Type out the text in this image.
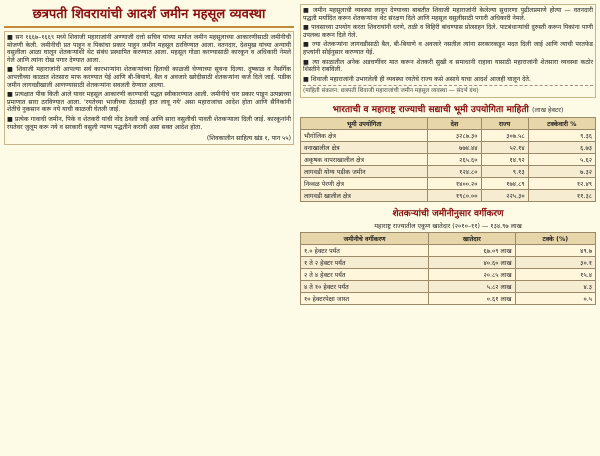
छत्रपती शिवरायांची आदर्श जमीन महसूल व्यवस्था

■ सन १६६७–१६६९ मध्ये शिवाजी महाराजांनी अण्णाजी दत्तो सचिव यांच्या मार्फत जमीन महसूलाच्या आकारणीसाठी जमीनीची मोजणी केली. जमीनीची प्रत पाहून व पिकांचा प्रकार पाहून जमीन महसूल ठरविण्यात आला. वतनदार, देशमुख यांच्या अन्यायी वसुलीला आळा घालून शेतकऱ्यांशी थेट संबंध प्रस्थापित करण्यात आला. महसूल गोळा करण्यासाठी कारकून व अधिकारी नेमले गेले आणि त्यांना रोख पगार देण्यात आला.

■ शिवाजी महाराजांनी आपल्या सर्व कारभाऱ्यांना शेतकऱ्यांच्या हिताची काळजी घेण्याच्या सूचना दिल्या. दुष्काळ व नैसर्गिक आपत्तीच्या काळात शेतसारा माफ करण्यात येई आणि बी-बियाणे, बैल व अवजारे खरेदीसाठी शेतकऱ्यांना कर्ज दिले जाई. पडीक जमीन लागवडीखाली आणण्यासाठी शेतकऱ्यांना सवलती देण्यात आल्या.

■ प्रत्यक्षात पीक किती आले यावर महसूल आकारणी करण्याची पद्धत स्वीकारण्यात आली. जमीनीचे चार प्रकार पाडून उत्पन्नाच्या प्रमाणात सारा ठरविण्यात आला. 'रयतेच्या भाजीच्या देठासही हात लावू नये' असा महाराजांचा आदेश होता आणि सैनिकांनी शेतीचे नुकसान करू नये याची काळजी घेतली जाई.

■ प्रत्येक गावाची जमीन, पिके व शेतकरी यांची नोंद ठेवली जाई आणि सारा वसुलीची पावती शेतकऱ्याला दिली जाई. कारकूनांनी रयतेवर जुलूम करू नये व सरकारी वसुली न्याय्य पद्धतीने करावी असा सक्त आदेश होता.

(शिवकालीन साहित्य खंड १, पान ५५)

■ जमीन महसूलाची व्यवस्था लावून देण्याच्या बाबतीत शिवाजी महाराजांनी केलेल्या सुधारणा पुढीलप्रमाणे होत्या — वतनदारी पद्धती मर्यादित करून शेतकऱ्यांना थेट संरक्षण दिले आणि महसूल वसुलीसाठी पगारी अधिकारी नेमले.

■ पावसाच्या उपयोग करता शिवरायांनी धरणे, तळी व विहिरी बांधण्यास प्रोत्साहन दिले. पाटबंधाऱ्यांची दुरुस्ती करून पिकांना पाणी उपलब्ध करून दिले गेले.

■ ज्या शेतकऱ्यांना लागवडीसाठी बैल, बी-बियाणे व अवजारे नसतील त्यांना सरकारकडून मदत दिली जाई आणि त्याची परतफेड हप्त्यांनी सोईनुसार करण्यात येई.

■ त्या काळातील अनेक अडचणींवर मात करून शेतकरी सुखी व समाधानी राहावा यासाठी महाराजांनी शेतसारा व्यवस्था कठोर शिस्तीने राबविली.

■ शिवाजी महाराजांनी उभारलेली ही व्यवस्था रयतेचे राज्य कसे असावे याचा आदर्श आजही घालून देते.

(माहिती संकलन: छत्रपती शिवाजी महाराजांची जमीन महसूल व्यवस्था — संदर्भ ग्रंथ)
भारताची व महाराष्ट्र राज्याची सद्याची भूमी उपयोगिता माहिती (लाख हेक्टर)
भूमी उपयोगिता	देश	राज्य	टक्केवारी %
भौगोलिक क्षेत्र	३२८७.३०	३०७.५८	९.३६
वनाखालील क्षेत्र	७७४.४४	५२.१४	६.७३
अकृषक वापराखालील क्षेत्र	२६५.६०	१४.९२	५.६२
लागवडी योग्य पडीक जमीन	१२४.८०	९.१३	७.३२
निव्वळ पेरणी क्षेत्र	१४००.२०	१७४.८९	१२.४९
लागवडी खालील क्षेत्र	१९८०.००	२२५.३०	११.३८
शेतकऱ्यांची जमीनीनुसार वर्गीकरण
महाराष्ट्र राज्यातील एकूण खातेदार (२०१०–११) — १३४.९७ लाख
जमीनीचे वर्गीकरण	खातेदार	टक्के (%)
१.० हेक्टर पर्यंत	६७.०९ लाख	४९.७
१ ते २ हेक्टर पर्यंत	४०.६० लाख	३०.१
२ ते ४ हेक्टर पर्यंत	२०.८५ लाख	१५.४
४ ते १० हेक्टर पर्यंत	५.८२ लाख	४.३
१० हेक्टरपेक्षा जास्त	०.६१ लाख	०.५
